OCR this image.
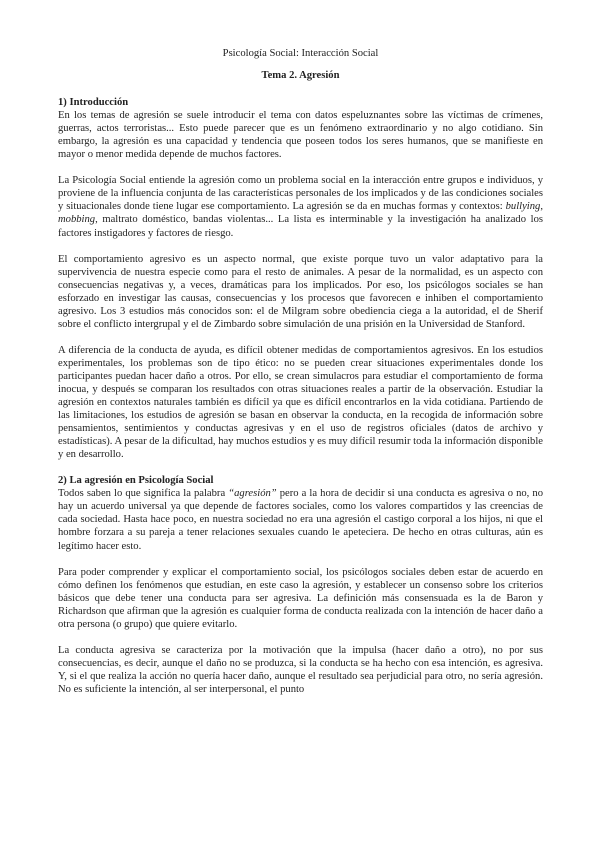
Psicología Social: Interacción Social
Tema 2. Agresión
1) Introducción

En los temas de agresión se suele introducir el tema con datos espeluznantes sobre las víctimas de crímenes, guerras, actos terroristas... Esto puede parecer que es un fenómeno extraordinario y no algo cotidiano. Sin embargo, la agresión es una capacidad y tendencia que poseen todos los seres humanos, que se manifieste en mayor o menor medida depende de muchos factores.

La Psicología Social entiende la agresión como un problema social en la interacción entre grupos e individuos, y proviene de la influencia conjunta de las características personales de los implicados y de las condiciones sociales y situacionales donde tiene lugar ese comportamiento. La agresión se da en muchas formas y contextos: bullying, mobbing, maltrato doméstico, bandas violentas... La lista es interminable y la investigación ha analizado los factores instigadores y factores de riesgo.

El comportamiento agresivo es un aspecto normal, que existe porque tuvo un valor adaptativo para la supervivencia de nuestra especie como para el resto de animales. A pesar de la normalidad, es un aspecto con consecuencias negativas y, a veces, dramáticas para los implicados. Por eso, los psicólogos sociales se han esforzado en investigar las causas, consecuencias y los procesos que favorecen e inhiben el comportamiento agresivo. Los 3 estudios más conocidos son: el de Milgram sobre obediencia ciega a la autoridad, el de Sherif sobre el conflicto intergrupal y el de Zimbardo sobre simulación de una prisión en la Universidad de Stanford.

A diferencia de la conducta de ayuda, es difícil obtener medidas de comportamientos agresivos. En los estudios experimentales, los problemas son de tipo ético: no se pueden crear situaciones experimentales donde los participantes puedan hacer daño a otros. Por ello, se crean simulacros para estudiar el comportamiento de forma inocua, y después se comparan los resultados con otras situaciones reales a partir de la observación. Estudiar la agresión en contextos naturales también es difícil ya que es difícil encontrarlos en la vida cotidiana. Partiendo de las limitaciones, los estudios de agresión se basan en observar la conducta, en la recogida de información sobre pensamientos, sentimientos y conductas agresivas y en el uso de registros oficiales (datos de archivo y estadísticas). A pesar de la dificultad, hay muchos estudios y es muy difícil resumir toda la información disponible y en desarrollo.

2) La agresión en Psicología Social

Todos saben lo que significa la palabra “agresión” pero a la hora de decidir si una conducta es agresiva o no, no hay un acuerdo universal ya que depende de factores sociales, como los valores compartidos y las creencias de cada sociedad. Hasta hace poco, en nuestra sociedad no era una agresión el castigo corporal a los hijos, ni que el hombre forzara a su pareja a tener relaciones sexuales cuando le apeteciera. De hecho en otras culturas, aún es legítimo hacer esto.

Para poder comprender y explicar el comportamiento social, los psicólogos sociales deben estar de acuerdo en cómo definen los fenómenos que estudian, en este caso la agresión, y establecer un consenso sobre los criterios básicos que debe tener una conducta para ser agresiva. La definición más consensuada es la de Baron y Richardson que afirman que la agresión es cualquier forma de conducta realizada con la intención de hacer daño a otra persona (o grupo) que quiere evitarlo.

La conducta agresiva se caracteriza por la motivación que la impulsa (hacer daño a otro), no por sus consecuencias, es decir, aunque el daño no se produzca, si la conducta se ha hecho con esa intención, es agresiva. Y, si el que realiza la acción no quería hacer daño, aunque el resultado sea perjudicial para otro, no sería agresión. No es suficiente la intención, al ser interpersonal, el punto
